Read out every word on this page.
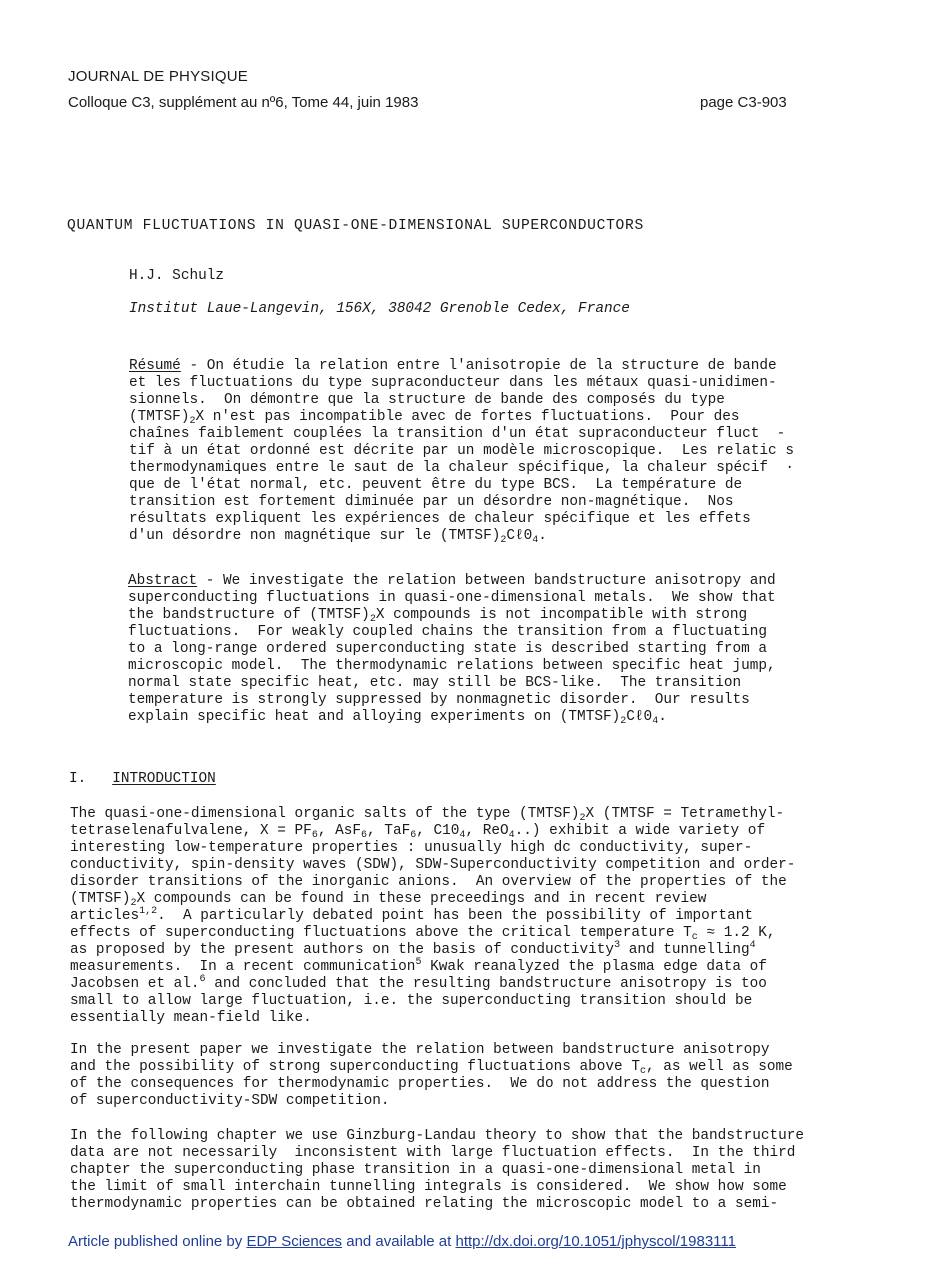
JOURNAL DE PHYSIQUE
Colloque C3, supplément au nº6, Tome 44, juin 1983	page C3-903
QUANTUM FLUCTUATIONS IN QUASI-ONE-DIMENSIONAL SUPERCONDUCTORS
H.J. Schulz
Institut Laue-Langevin, 156X, 38042 Grenoble Cedex, France
Résumé - On étudie la relation entre l'anisotropie de la structure de bande
et les fluctuations du type supraconducteur dans les métaux quasi-unidimen-
sionnels.  On démontre que la structure de bande des composés du type
$(TMTSF)_2X$ n'est pas incompatible avec de fortes fluctuations.  Pour des
chaînes faiblement couplées la transition d'un état supraconducteur fluct  -
tif à un état ordonné est décrite par un modèle microscopique.  Les relatic s
thermodynamiques entre le saut de la chaleur spécifique, la chaleur spécif  ·
que de l'état normal, etc. peuvent être du type BCS.  La température de
transition est fortement diminuée par un désordre non-magnétique.  Nos
résultats expliquent les expériences de chaleur spécifique et les effets
d'un désordre non magnétique sur le $(TMTSF)_2C\ell 0_4$.
Abstract - We investigate the relation between bandstructure anisotropy and
superconducting fluctuations in quasi-one-dimensional metals.  We show that
the bandstructure of $(TMTSF)_2X$ compounds is not incompatible with strong
fluctuations.  For weakly coupled chains the transition from a fluctuating
to a long-range ordered superconducting state is described starting from a
microscopic model.  The thermodynamic relations between specific heat jump,
normal state specific heat, etc. may still be BCS-like.  The transition
temperature is strongly suppressed by nonmagnetic disorder.  Our results
explain specific heat and alloying experiments on $(TMTSF)_2C\ell 0_4$.
I.   INTRODUCTION
The quasi-one-dimensional organic salts of the type $(TMTSF)_2X$ (TMTSF = Tetramethyl-
tetraselenafulvalene, $X = PF_6$, AsF$_6$, TaF$_6$, $C10_4$, ReO$_4$..) exhibit a wide variety of
interesting low-temperature properties : unusually high dc conductivity, super-
conductivity, spin-density waves (SDW), SDW-Superconductivity competition and order-
disorder transitions of the inorganic anions.  An overview of the properties of the
$(TMTSF)_2X$ compounds can be found in these preceedings and in recent review
articles$^{1,2}$.  A particularly debated point has been the possibility of important
effects of superconducting fluctuations above the critical temperature $T_c \approx 1.2$ K,
as proposed by the present authors on the basis of conductivity$^3$ and tunnelling$^4$
measurements.  In a recent communication$^5$ Kwak reanalyzed the plasma edge data of
Jacobsen et al.$^6$ and concluded that the resulting bandstructure anisotropy is too
small to allow large fluctuation, i.e. the superconducting transition should be
essentially mean-field like.
In the present paper we investigate the relation between bandstructure anisotropy
and the possibility of strong superconducting fluctuations above $T_c$, as well as some
of the consequences for thermodynamic properties.  We do not address the question
of superconductivity-SDW competition.
In the following chapter we use Ginzburg-Landau theory to show that the bandstructure
data are not necessarily  inconsistent with large fluctuation effects.  In the third
chapter the superconducting phase transition in a quasi-one-dimensional metal in
the limit of small interchain tunnelling integrals is considered.  We show how some
thermodynamic properties can be obtained relating the microscopic model to a semi-
Article published online by EDP Sciences and available at http://dx.doi.org/10.1051/jphyscol/1983111
